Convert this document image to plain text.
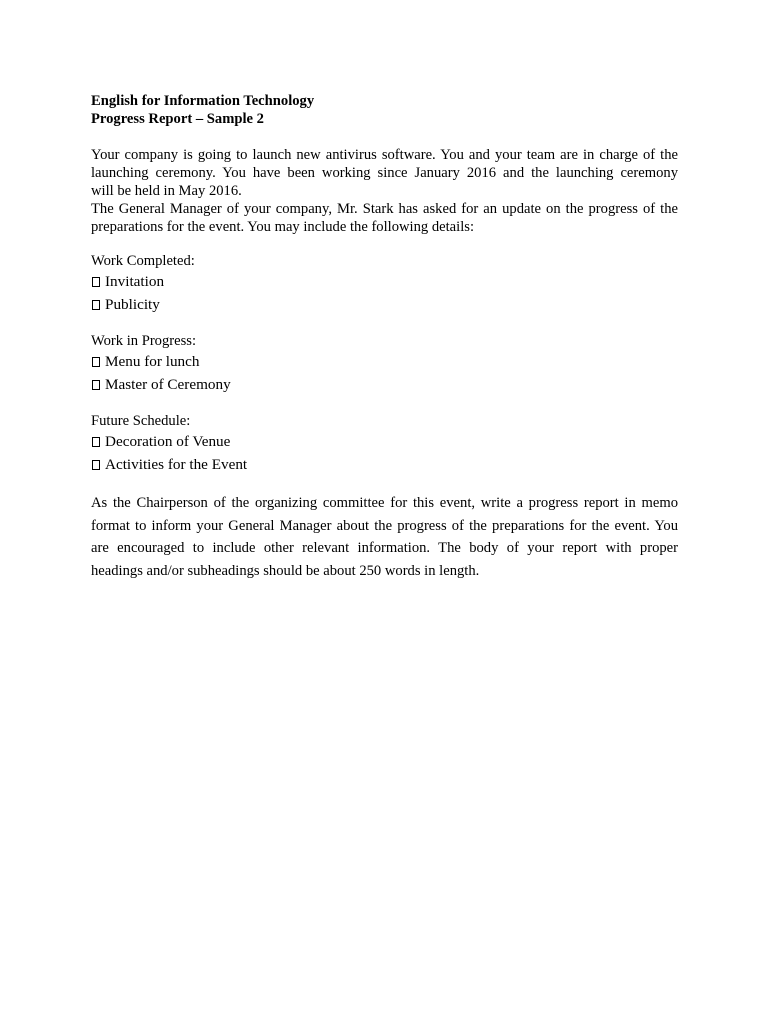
English for Information Technology
Progress Report – Sample 2
Your company is going to launch new antivirus software. You and your team are in charge of the
launching ceremony. You have been working since January 2016 and the launching ceremony
will be held in May 2016.
The General Manager of your company, Mr. Stark has asked for an update on the progress of the
preparations for the event. You may include the following details:
Work Completed:
Invitation
Publicity
Work in Progress:
Menu for lunch
Master of Ceremony
Future Schedule:
Decoration of Venue
Activities for the Event
As the Chairperson of the organizing committee for this event, write a progress report in memo
format to inform your General Manager about the progress of the preparations for the event. You
are encouraged to include other relevant information. The body of your report with proper
headings and/or subheadings should be about 250 words in length.
